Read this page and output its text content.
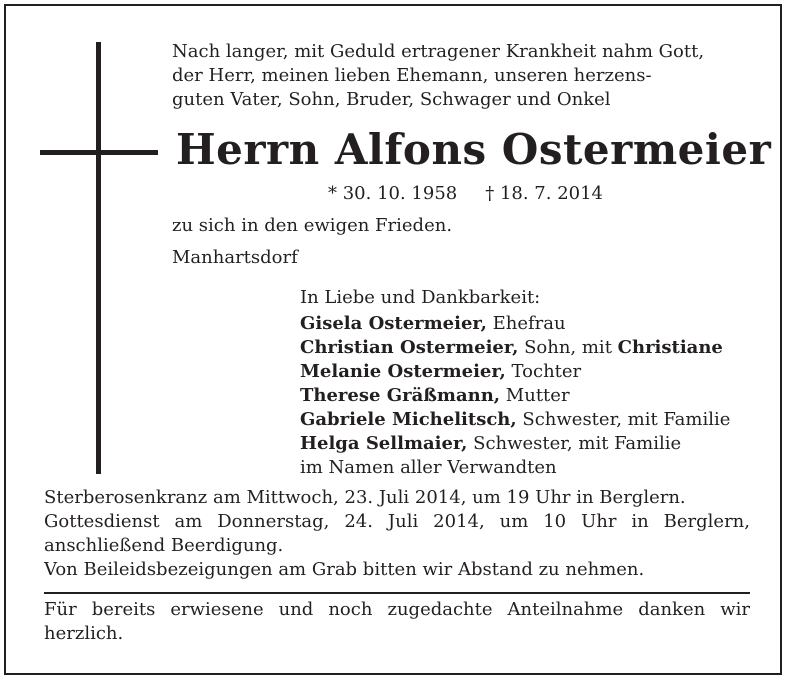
Nach langer, mit Geduld ertragener Krankheit nahm Gott,
der Herr, meinen lieben Ehemann, unseren herzens-
guten Vater, Sohn, Bruder, Schwager und Onkel
Herrn Alfons Ostermeier
* 30. 10. 1958 † 18. 7. 2014
zu sich in den ewigen Frieden.
Manhartsdorf
In Liebe und Dankbarkeit:
Gisela Ostermeier, Ehefrau
Christian Ostermeier, Sohn, mit Christiane
Melanie Ostermeier, Tochter
Therese Gräßmann, Mutter
Gabriele Michelitsch, Schwester, mit Familie
Helga Sellmaier, Schwester, mit Familie
im Namen aller Verwandten

Sterberosenkranz am Mittwoch, 23. Juli 2014, um 19 Uhr in Berglern.

Gottesdienst am Donnerstag, 24. Juli 2014, um 10 Uhr in Berglern, anschließend Beerdigung.

Von Beileidsbezeigungen am Grab bitten wir Abstand zu nehmen.

Für bereits erwiesene und noch zugedachte Anteilnahme danken wir herzlich.
